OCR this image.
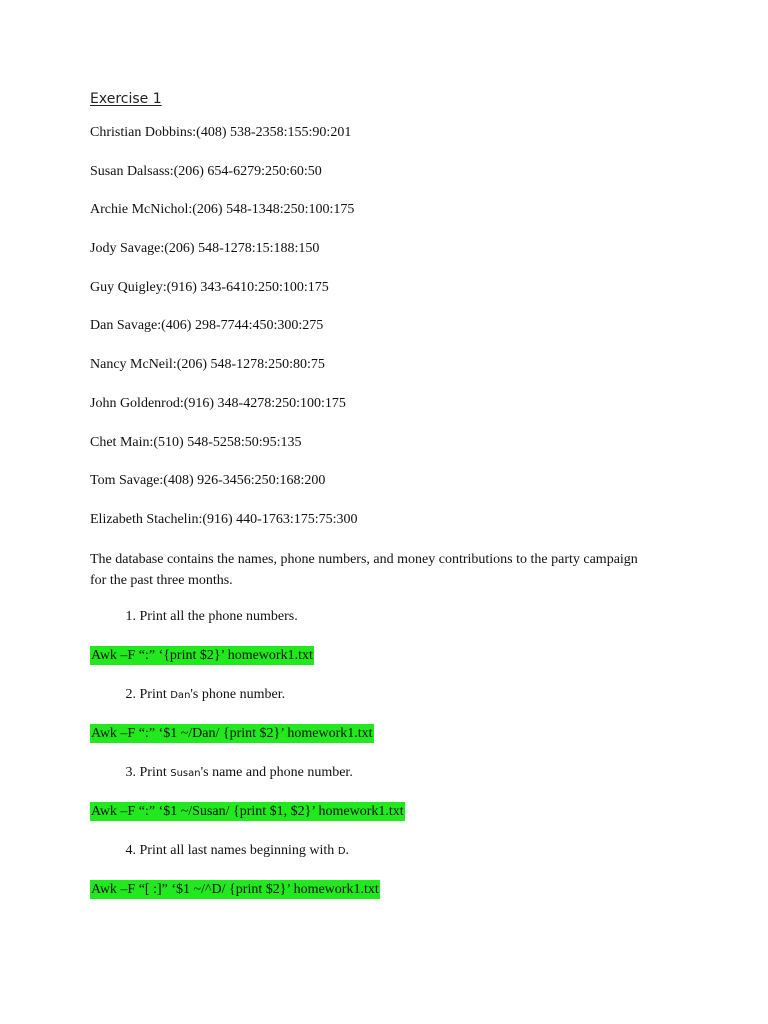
Exercise 1
Christian Dobbins:(408) 538-2358:155:90:201
Susan Dalsass:(206) 654-6279:250:60:50
Archie McNichol:(206) 548-1348:250:100:175
Jody Savage:(206) 548-1278:15:188:150
Guy Quigley:(916) 343-6410:250:100:175
Dan Savage:(406) 298-7744:450:300:275
Nancy McNeil:(206) 548-1278:250:80:75
John Goldenrod:(916) 348-4278:250:100:175
Chet Main:(510) 548-5258:50:95:135
Tom Savage:(408) 926-3456:250:168:200
Elizabeth Stachelin:(916) 440-1763:175:75:300
The database contains the names, phone numbers, and money contributions to the party campaign for the past three months.
1. Print all the phone numbers.
Awk –F “:” ‘{print $2}’ homework1.txt
2. Print Dan's phone number.
Awk –F “:” ‘$1 ~/Dan/ {print $2}’ homework1.txt
3. Print Susan's name and phone number.
Awk –F “:” ‘$1 ~/Susan/ {print $1, $2}’ homework1.txt
4. Print all last names beginning with D.
Awk –F “[ :]” ‘$1 ~/^D/ {print $2}’ homework1.txt
